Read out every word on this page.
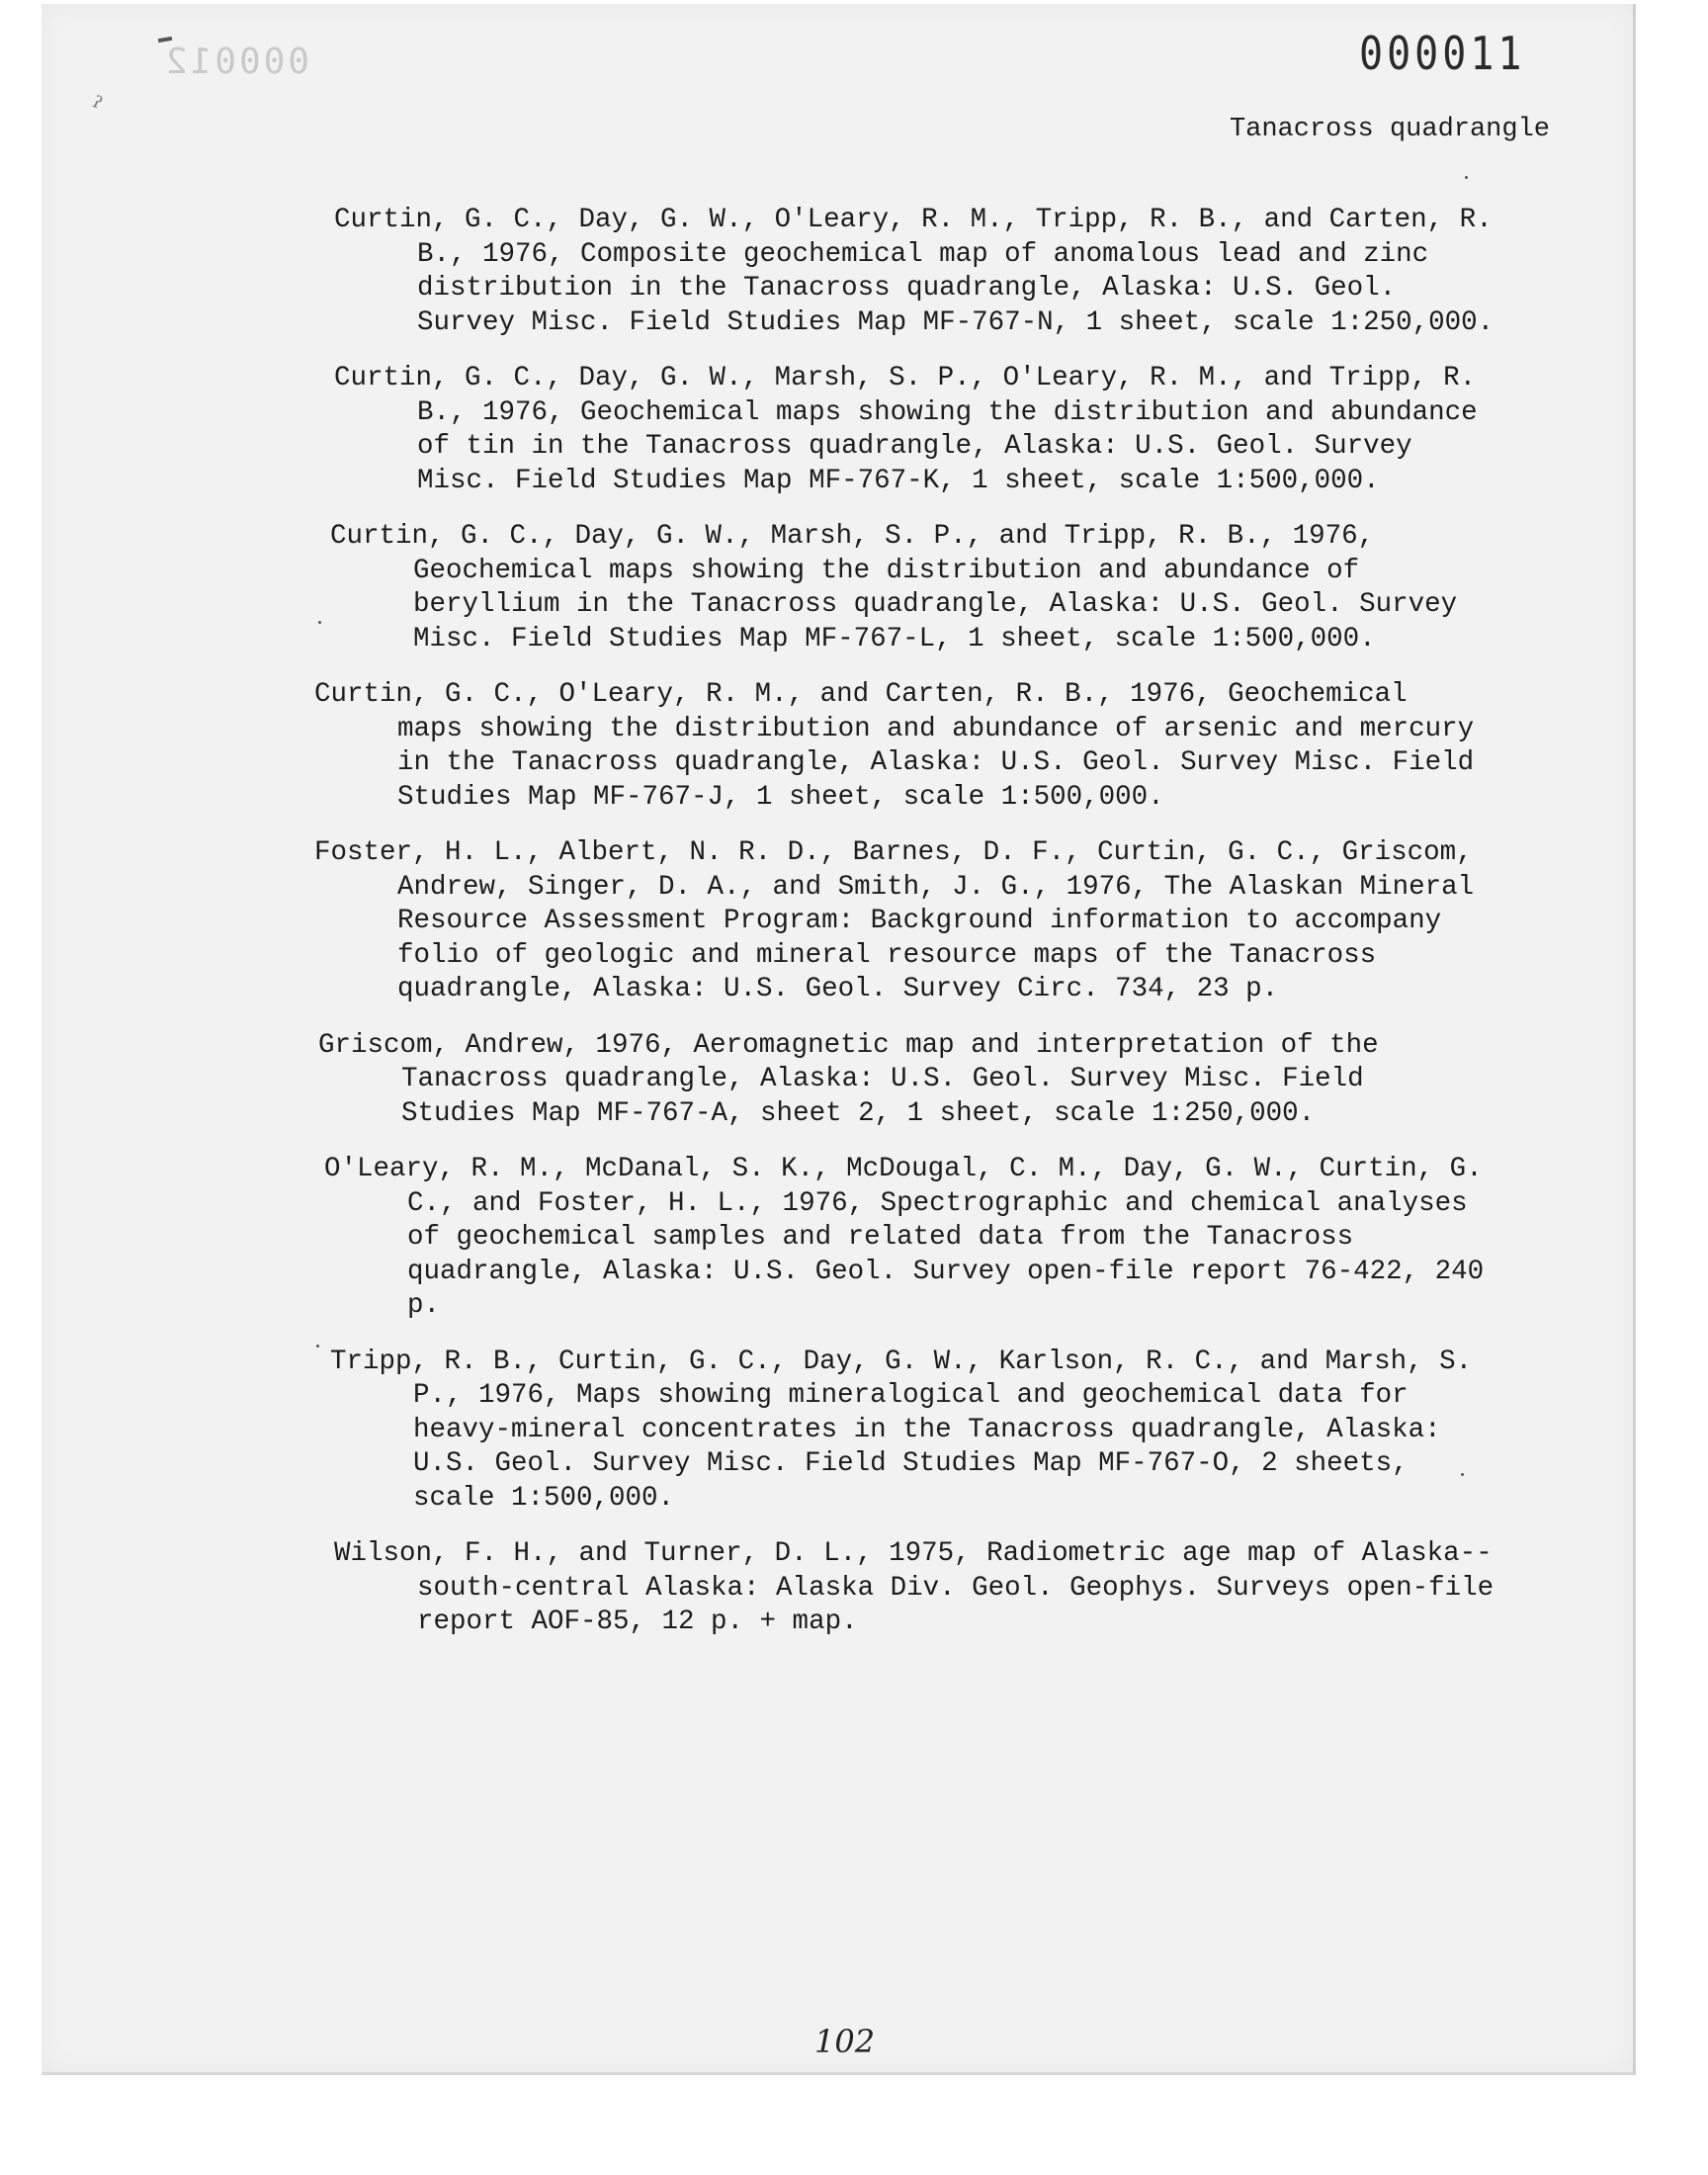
000012
ˀ
000011
Tanacross quadrangle
Curtin, G. C., Day, G. W., O'Leary, R. M., Tripp, R. B., and Carten, R. B., 1976, Composite geochemical map of anomalous lead and zinc distribution in the Tanacross quadrangle, Alaska: U.S. Geol. Survey Misc. Field Studies Map MF-767-N, 1 sheet, scale 1:250,000.
Curtin, G. C., Day, G. W., Marsh, S. P., O'Leary, R. M., and Tripp, R. B., 1976, Geochemical maps showing the distribution and abundance of tin in the Tanacross quadrangle, Alaska: U.S. Geol. Survey Misc. Field Studies Map MF-767-K, 1 sheet, scale 1:500,000.
Curtin, G. C., Day, G. W., Marsh, S. P., and Tripp, R. B., 1976, Geochemical maps showing the distribution and abundance of beryllium in the Tanacross quadrangle, Alaska: U.S. Geol. Survey Misc. Field Studies Map MF-767-L, 1 sheet, scale 1:500,000.
Curtin, G. C., O'Leary, R. M., and Carten, R. B., 1976, Geochemical maps showing the distribution and abundance of arsenic and mercury in the Tanacross quadrangle, Alaska: U.S. Geol. Survey Misc. Field Studies Map MF-767-J, 1 sheet, scale 1:500,000.
Foster, H. L., Albert, N. R. D., Barnes, D. F., Curtin, G. C., Griscom, Andrew, Singer, D. A., and Smith, J. G., 1976, The Alaskan Mineral Resource Assessment Program: Background information to accompany folio of geologic and mineral resource maps of the Tanacross quadrangle, Alaska: U.S. Geol. Survey Circ. 734, 23 p.
Griscom, Andrew, 1976, Aeromagnetic map and interpretation of the Tanacross quadrangle, Alaska: U.S. Geol. Survey Misc. Field Studies Map MF-767-A, sheet 2, 1 sheet, scale 1:250,000.
O'Leary, R. M., McDanal, S. K., McDougal, C. M., Day, G. W., Curtin, G. C., and Foster, H. L., 1976, Spectrographic and chemical analyses of geochemical samples and related data from the Tanacross quadrangle, Alaska: U.S. Geol. Survey open-file report 76-422, 240 p.
Tripp, R. B., Curtin, G. C., Day, G. W., Karlson, R. C., and Marsh, S. P., 1976, Maps showing mineralogical and geochemical data for heavy-mineral concentrates in the Tanacross quadrangle, Alaska: U.S. Geol. Survey Misc. Field Studies Map MF-767-O, 2 sheets, scale 1:500,000.
Wilson, F. H., and Turner, D. L., 1975, Radiometric age map of Alaska--south-central Alaska: Alaska Div. Geol. Geophys. Surveys open-file report AOF-85, 12 p. + map.
102
